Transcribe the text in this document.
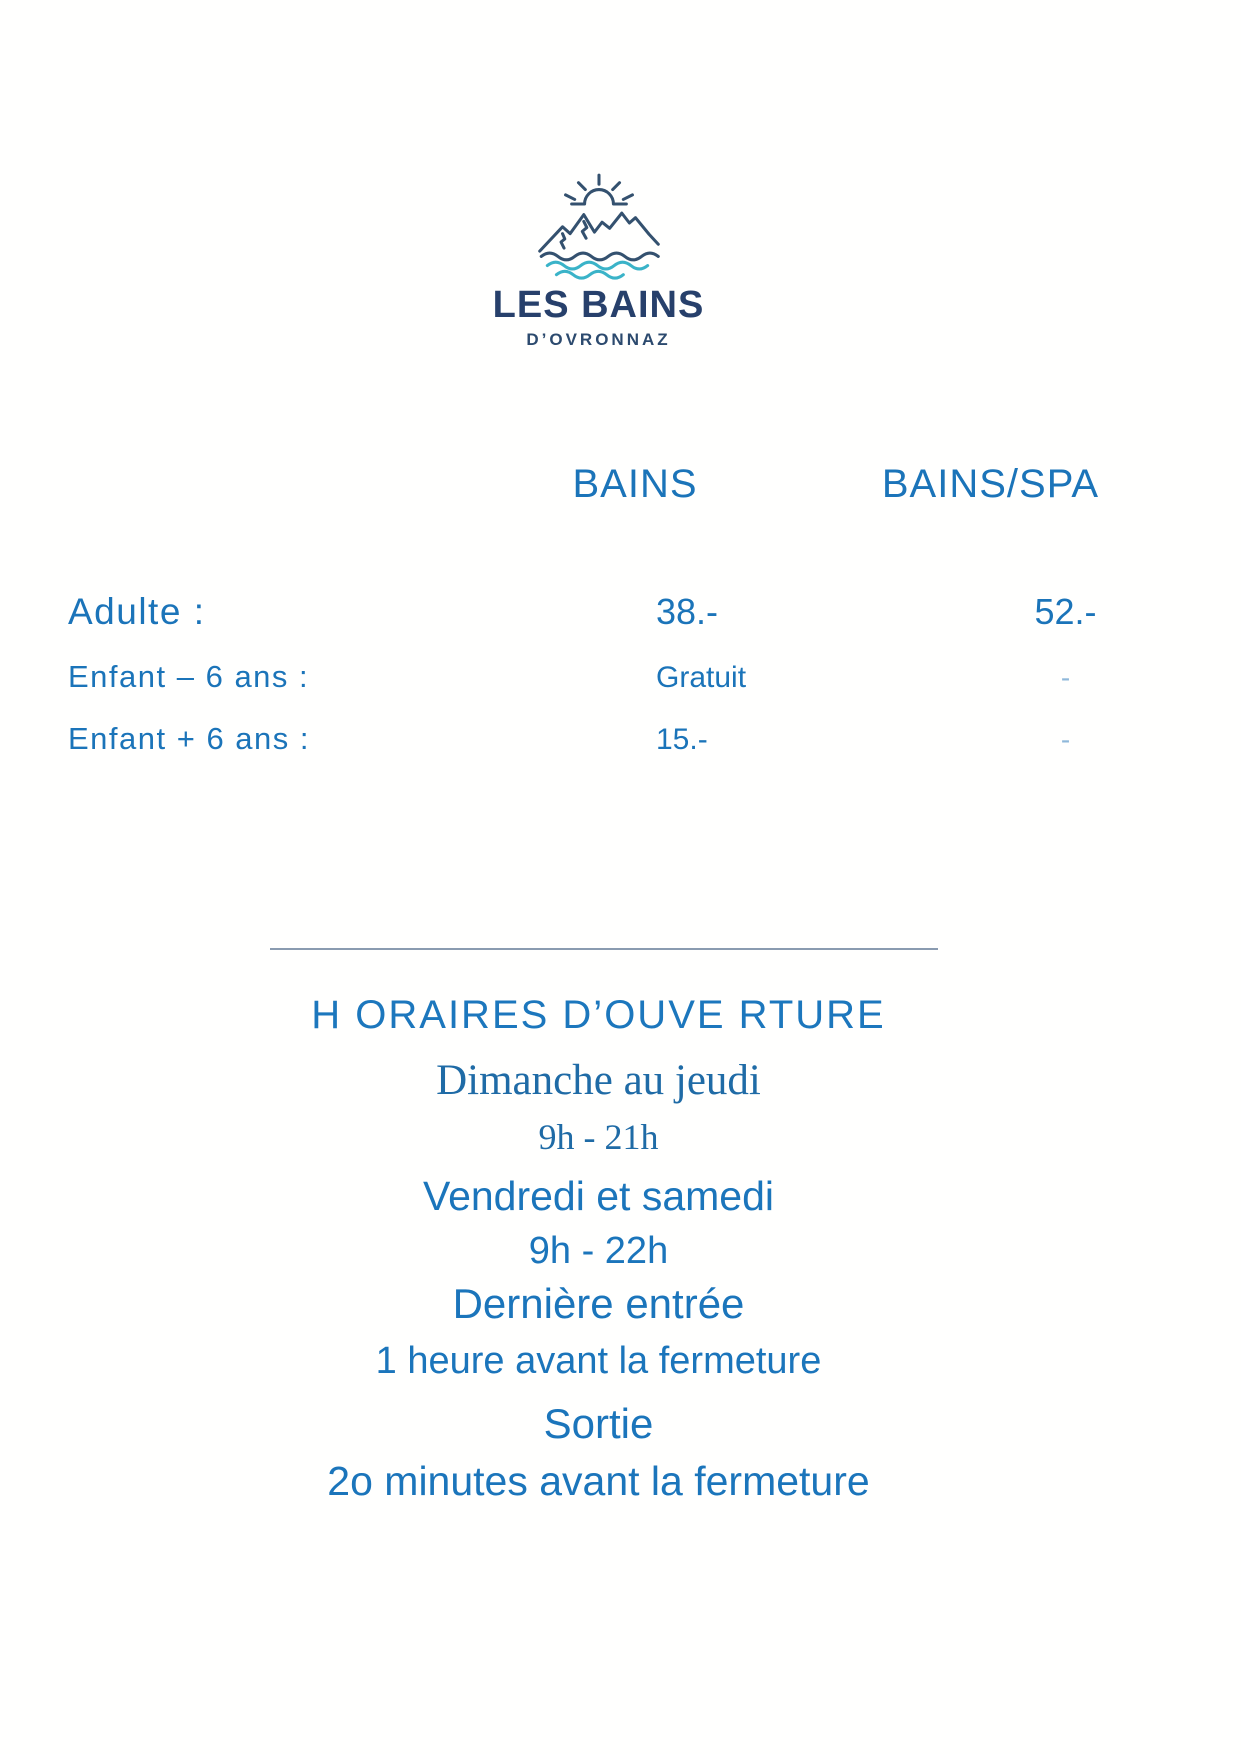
LES BAINS
D’OVRONNAZ
BAINS	BAINS/SPA
Adulte :	38.-	52.-
Enfant – 6 ans :	Gratuit	-
Enfant + 6 ans :	15.-	-
H ORAIRES D’OUVE RTURE
Dimanche au jeudi
9h - 21h
Vendredi et samedi
9h - 22h
Dernière entrée
1 heure avant la fermeture
Sortie
2o minutes avant la fermeture
